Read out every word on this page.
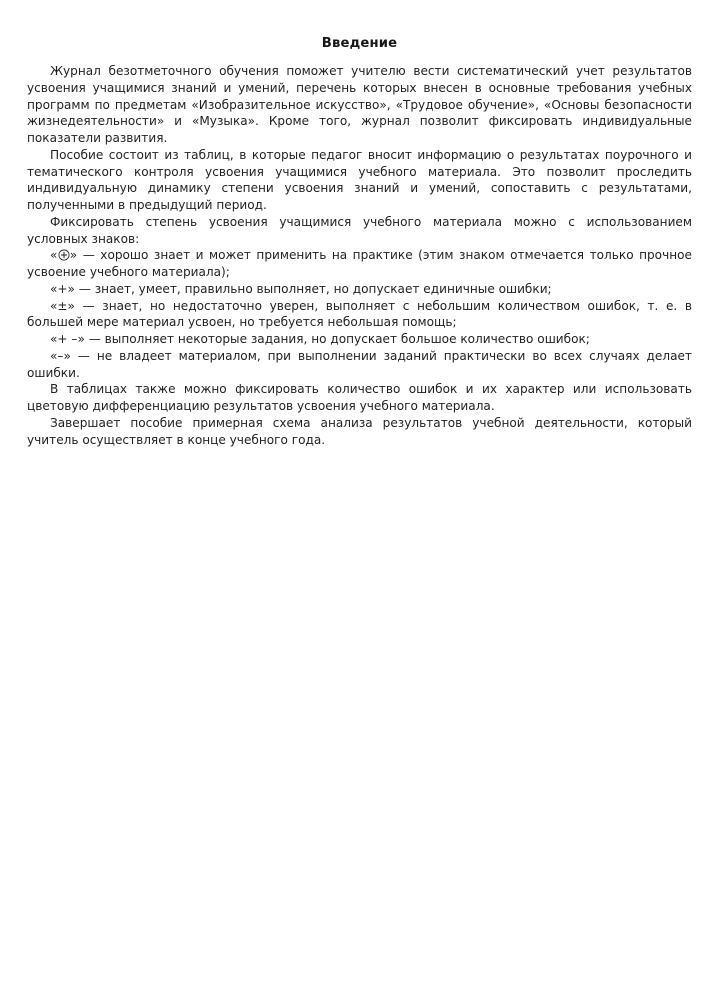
Введение

Журнал безотметочного обучения поможет учителю вести систематический учет результатов усвоения учащимися знаний и умений, перечень которых внесен в основные требования учебных программ по предметам «Изобразительное искусство», «Трудовое обучение», «Основы безопасности жизнедеятельности» и «Музыка». Кроме того, журнал позволит фиксировать индивидуальные показатели развития.

Пособие состоит из таблиц, в которые педагог вносит информацию о результатах поурочного и тематического контроля усвоения учащимися учебного материала. Это позволит проследить индивидуальную динамику степени усвоения знаний и умений, сопоставить с результатами, полученными в предыдущий период.

Фиксировать степень усвоения учащимися учебного материала можно с использованием условных знаков:

« » — хорошо знает и может применить на практике (этим знаком отмечается только прочное усвоение учебного материала);

«+» — знает, умеет, правильно выполняет, но допускает единичные ошибки;

«±» — знает, но недостаточно уверен, выполняет с небольшим количеством ошибок, т. е. в большей мере материал усвоен, но требуется небольшая помощь;

«+ –» — выполняет некоторые задания, но допускает большое количество ошибок;

«–» — не владеет материалом, при выполнении заданий практически во всех случаях делает ошибки.

В таблицах также можно фиксировать количество ошибок и их характер или использовать цветовую дифференциацию результатов усвоения учебного материала.

Завершает пособие примерная схема анализа результатов учебной деятельности, который учитель осуществляет в конце учебного года.
